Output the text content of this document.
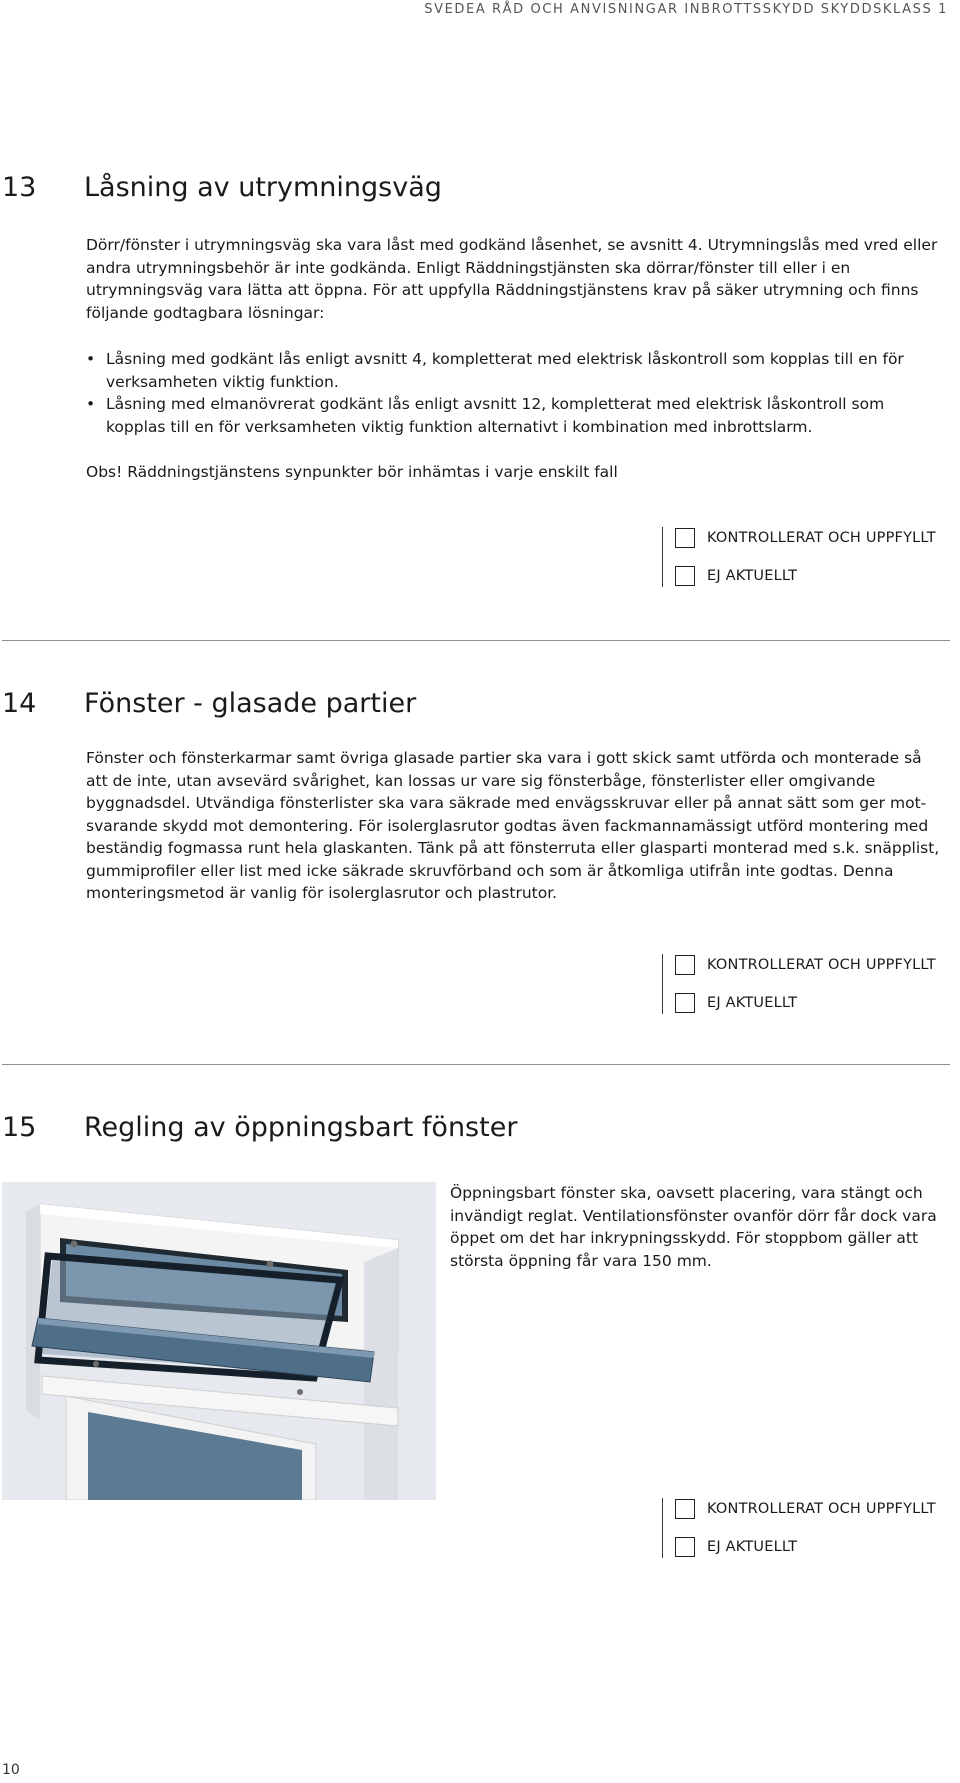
SVEDEA RÅD OCH ANVISNINGAR INBROTTSSKYDD SKYDDSKLASS 1
13 Låsning av utrymningsväg

Dörr/fönster i utrymningsväg ska vara låst med godkänd låsenhet, se avsnitt 4. Utrymningslås med vred eller andra utrymningsbehör är inte godkända. Enligt Räddningstjänsten ska dörrar/fönster till eller i en utrymningsväg vara lätta att öppna. För att uppfylla Räddningstjänstens krav på säker utrymning och finns följande godtagbara lösningar:

• Låsning med godkänt lås enligt avsnitt 4, kompletterat med elektrisk låskontroll som kopplas till en för verksamheten viktig funktion.
• Låsning med elmanövrerat godkänt lås enligt avsnitt 12, kompletterat med elektrisk låskontroll som kopplas till en för verksamheten viktig funktion alternativt i kombination med inbrottslarm.

Obs! Räddningstjänstens synpunkter bör inhämtas i varje enskilt fall

KONTROLLERAT OCH UPPFYLLT
EJ AKTUELLT
14 Fönster - glasade partier

Fönster och fönsterkarmar samt övriga glasade partier ska vara i gott skick samt utförda och monterade så att de inte, utan avsevärd svårighet, kan lossas ur vare sig fönsterbåge, fönsterlister eller omgivande byggnadsdel. Utvändiga fönsterlister ska vara säkrade med envägsskruvar eller på annat sätt som ger mot-svarande skydd mot demontering. För isolerglasrutor godtas även fackmannamässigt utförd montering med beständig fogmassa runt hela glaskanten. Tänk på att fönsterruta eller glasparti monterad med s.k. snäpplist, gummiprofiler eller list med icke säkrade skruvförband och som är åtkomliga utifrån inte godtas. Denna monteringsmetod är vanlig för isolerglasrutor och plastrutor.

KONTROLLERAT OCH UPPFYLLT
EJ AKTUELLT
15 Regling av öppningsbart fönster

Öppningsbart fönster ska, oavsett placering, vara stängt och invändigt reglat. Ventilationsfönster ovanför dörr får dock vara öppet om det har inkrypningsskydd. För stoppbom gäller att största öppning får vara 150 mm.

KONTROLLERAT OCH UPPFYLLT
EJ AKTUELLT
10
